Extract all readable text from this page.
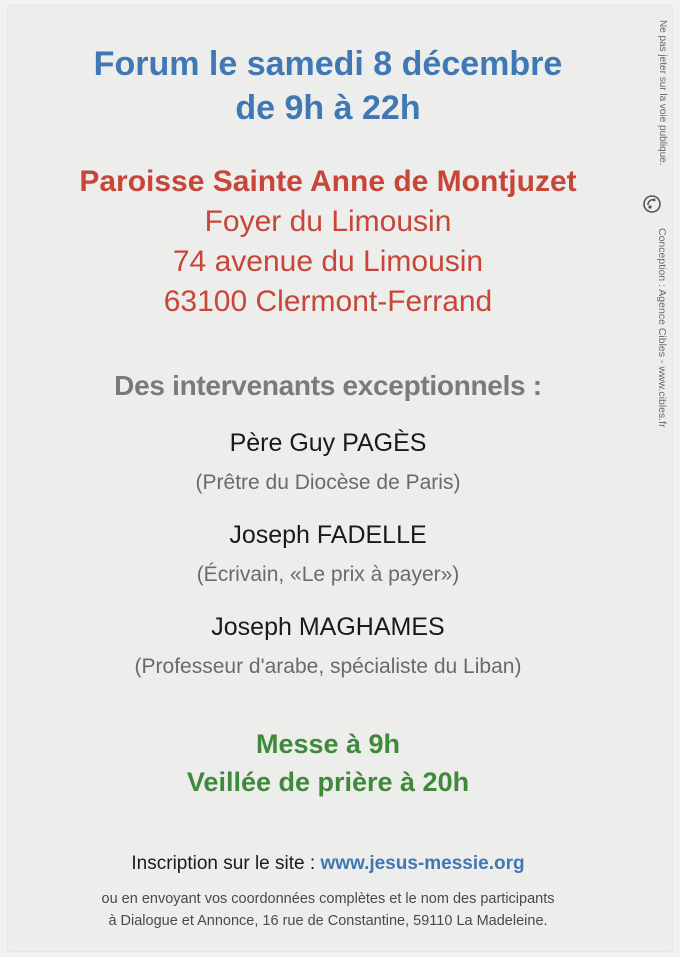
Forum le samedi 8 décembre
de 9h à 22h
Paroisse Sainte Anne de Montjuzet
Foyer du Limousin
74 avenue du Limousin
63100 Clermont-Ferrand
Des intervenants exceptionnels :
Père Guy PAGÈS
(Prêtre du Diocèse de Paris)
Joseph FADELLE
(Écrivain, «Le prix à payer»)
Joseph MAGHAMES
(Professeur d'arabe, spécialiste du Liban)
Messe à 9h
Veillée de prière à 20h
Inscription sur le site : www.jesus-messie.org
ou en envoyant vos coordonnées complètes et le nom des participants
à Dialogue et Annonce, 16 rue de Constantine, 59110 La Madeleine.
Ne pas jeter sur la voie publique.
Conception : Agence Cibles - www.cibles.fr
